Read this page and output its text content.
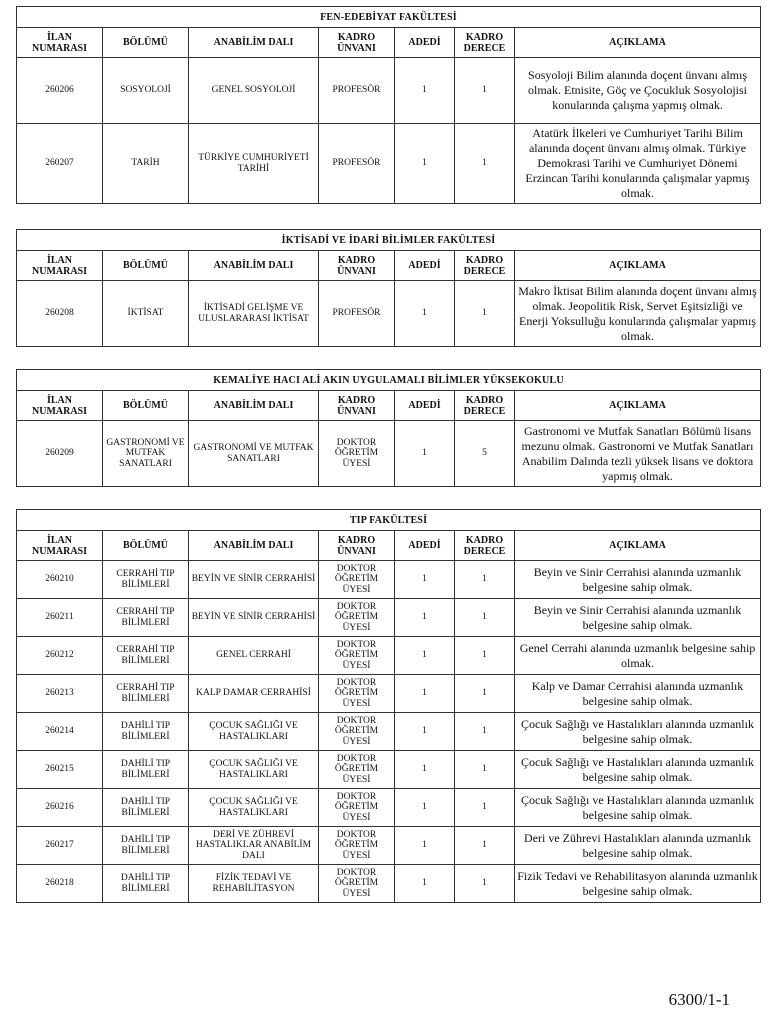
FEN-EDEBİYAT FAKÜLTESİ						
İLAN NUMARASI	BÖLÜMÜ	ANABİLİM DALI	KADRO ÜNVANI	ADEDİ	KADRO DERECE	AÇIKLAMA
260206	SOSYOLOJİ	GENEL SOSYOLOJİ	PROFESÖR	1	1	Sosyoloji Bilim alanında doçent ünvanı almış olmak. Etnisite, Göç ve Çocukluk Sosyolojisi konularında çalışma yapmış olmak.
260207	TARİH	TÜRKİYE CUMHURİYETİ TARİHİ	PROFESÖR	1	1	Atatürk İlkeleri ve Cumhuriyet Tarihi Bilim alanında doçent ünvanı almış olmak. Türkiye Demokrasi Tarihi ve Cumhuriyet Dönemi Erzincan Tarihi konularında çalışmalar yapmış olmak.
İKTİSADİ VE İDARİ BİLİMLER FAKÜLTESİ						
İLAN NUMARASI	BÖLÜMÜ	ANABİLİM DALI	KADRO ÜNVANI	ADEDİ	KADRO DERECE	AÇIKLAMA
260208	İKTİSAT	İKTİSADİ GELİŞME VE ULUSLARARASI İKTİSAT	PROFESÖR	1	1	Makro İktisat Bilim alanında doçent ünvanı almış olmak. Jeopolitik Risk, Servet Eşitsizliği ve Enerji Yoksulluğu konularında çalışmalar yapmış olmak.
KEMALİYE HACI ALİ AKIN UYGULAMALI BİLİMLER YÜKSEKOKULU						
İLAN NUMARASI	BÖLÜMÜ	ANABİLİM DALI	KADRO ÜNVANI	ADEDİ	KADRO DERECE	AÇIKLAMA
260209	GASTRONOMİ VE MUTFAK SANATLARI	GASTRONOMİ VE MUTFAK SANATLARI	DOKTOR ÖĞRETİM ÜYESİ	1	5	Gastronomi ve Mutfak Sanatları Bölümü lisans mezunu olmak. Gastronomi ve Mutfak Sanatları Anabilim Dalında tezli yüksek lisans ve doktora yapmış olmak.
TIP FAKÜLTESİ						
İLAN NUMARASI	BÖLÜMÜ	ANABİLİM DALI	KADRO ÜNVANI	ADEDİ	KADRO DERECE	AÇIKLAMA
260210	CERRAHİ TIP BİLİMLERİ	BEYİN VE SİNİR CERRAHİSİ	DOKTOR ÖĞRETİM ÜYESİ	1	1	Beyin ve Sinir Cerrahisi alanında uzmanlık belgesine sahip olmak.
260211	CERRAHİ TIP BİLİMLERİ	BEYİN VE SİNİR CERRAHİSİ	DOKTOR ÖĞRETİM ÜYESİ	1	1	Beyin ve Sinir Cerrahisi alanında uzmanlık belgesine sahip olmak.
260212	CERRAHİ TIP BİLİMLERİ	GENEL CERRAHİ	DOKTOR ÖĞRETİM ÜYESİ	1	1	Genel Cerrahi alanında uzmanlık belgesine sahip olmak.
260213	CERRAHİ TIP BİLİMLERİ	KALP DAMAR CERRAHİSİ	DOKTOR ÖĞRETİM ÜYESİ	1	1	Kalp ve Damar Cerrahisi alanında uzmanlık belgesine sahip olmak.
260214	DAHİLİ TIP BİLİMLERİ	ÇOCUK SAĞLIĞI VE HASTALIKLARI	DOKTOR ÖĞRETİM ÜYESİ	1	1	Çocuk Sağlığı ve Hastalıkları alanında uzmanlık belgesine sahip olmak.
260215	DAHİLİ TIP BİLİMLERİ	ÇOCUK SAĞLIĞI VE HASTALIKLARI	DOKTOR ÖĞRETİM ÜYESİ	1	1	Çocuk Sağlığı ve Hastalıkları alanında uzmanlık belgesine sahip olmak.
260216	DAHİLİ TIP BİLİMLERİ	ÇOCUK SAĞLIĞI VE HASTALIKLARI	DOKTOR ÖĞRETİM ÜYESİ	1	1	Çocuk Sağlığı ve Hastalıkları alanında uzmanlık belgesine sahip olmak.
260217	DAHİLİ TIP BİLİMLERİ	DERİ VE ZÜHREVİ HASTALIKLAR ANABİLİM DALI	DOKTOR ÖĞRETİM ÜYESİ	1	1	Deri ve Zührevi Hastalıkları alanında uzmanlık belgesine sahip olmak.
260218	DAHİLİ TIP BİLİMLERİ	FİZİK TEDAVİ VE REHABİLİTASYON	DOKTOR ÖĞRETİM ÜYESİ	1	1	Fizik Tedavi ve Rehabilitasyon alanında uzmanlık belgesine sahip olmak.
6300/1-1
